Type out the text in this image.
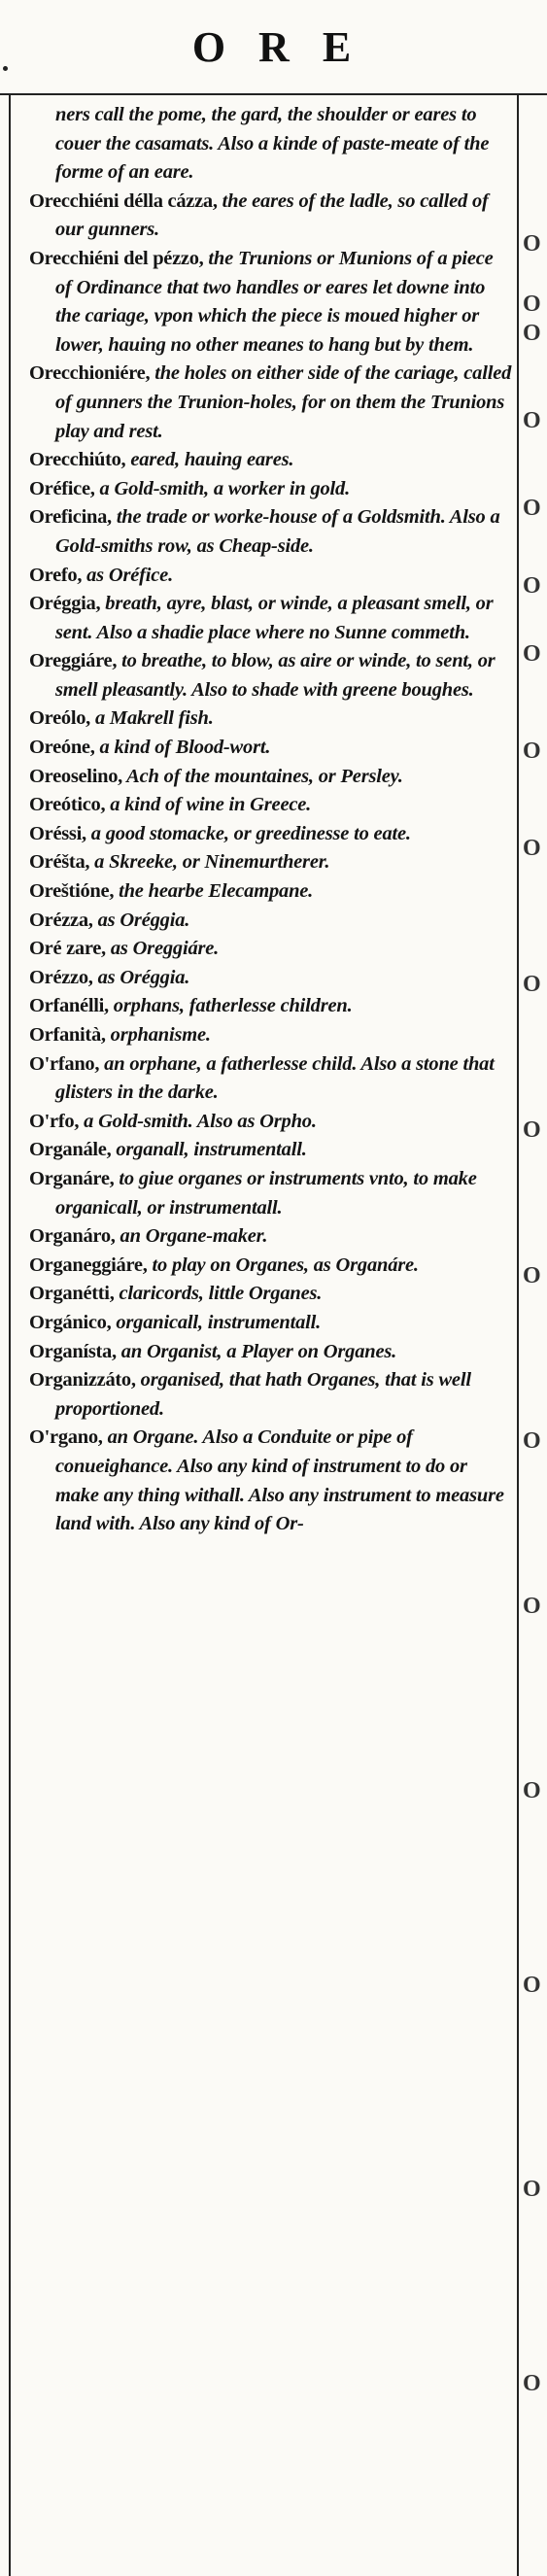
ORE
O
O
O
O
O
O
O
O
O
O
O
O
O
O
O
O
O
O
ners call the pome, the gard, the shoulder or eares to couer the casamats. Also a kinde of paste-meate of the forme of an eare.
Orecchiéni délla cázza, the eares of the ladle, so called of our gunners.
Orecchiéni del pézzo, the Trunions or Munions of a piece of Ordinance that two handles or eares let downe into the cariage, vpon which the piece is moued higher or lower, hauing no other meanes to hang but by them.
Orecchioniére, the holes on either side of the cariage, called of gunners the Trunion-holes, for on them the Trunions play and rest.
Orecchiúto, eared, hauing eares.
Oréfice, a Gold-smith, a worker in gold.
Oreficina, the trade or worke-house of a Goldsmith. Also a Gold-smiths row, as Cheap-side.
Orefo, as Oréfice.
Oréggia, breath, ayre, blast, or winde, a pleasant smell, or sent. Also a shadie place where no Sunne commeth.
Oreggiáre, to breathe, to blow, as aire or winde, to sent, or smell pleasantly. Also to shade with greene boughes.
Oreólo, a Makrell fish.
Oreóne, a kind of Blood-wort.
Oreoselino, Ach of the mountaines, or Persley.
Oreótico, a kind of wine in Greece.
Oréssi, a good stomacke, or greedinesse to eate.
Oréšta, a Skreeke, or Ninemurtherer.
Oreštióne, the hearbe Elecampane.
Orézza, as Oréggia.
Oré zare, as Oreggiáre.
Orézzo, as Oréggia.
Orfanélli, orphans, fatherlesse children.
Orfanità, orphanisme.
O'rfano, an orphane, a fatherlesse child. Also a stone that glisters in the darke.
O'rfo, a Gold-smith. Also as Orpho.
Organále, organall, instrumentall.
Organáre, to giue organes or instruments vnto, to make organicall, or instrumentall.
Organáro, an Organe-maker.
Organeggiáre, to play on Organes, as Organáre.
Organétti, claricords, little Organes.
Orgánico, organicall, instrumentall.
Organísta, an Organist, a Player on Organes.
Organizzáto, organised, that hath Organes, that is well proportioned.
O'rgano, an Organe. Also a Conduite or pipe of conueighance. Also any kind of instrument to do or make any thing withall. Also any instrument to measure land with. Also any kind of Or-
